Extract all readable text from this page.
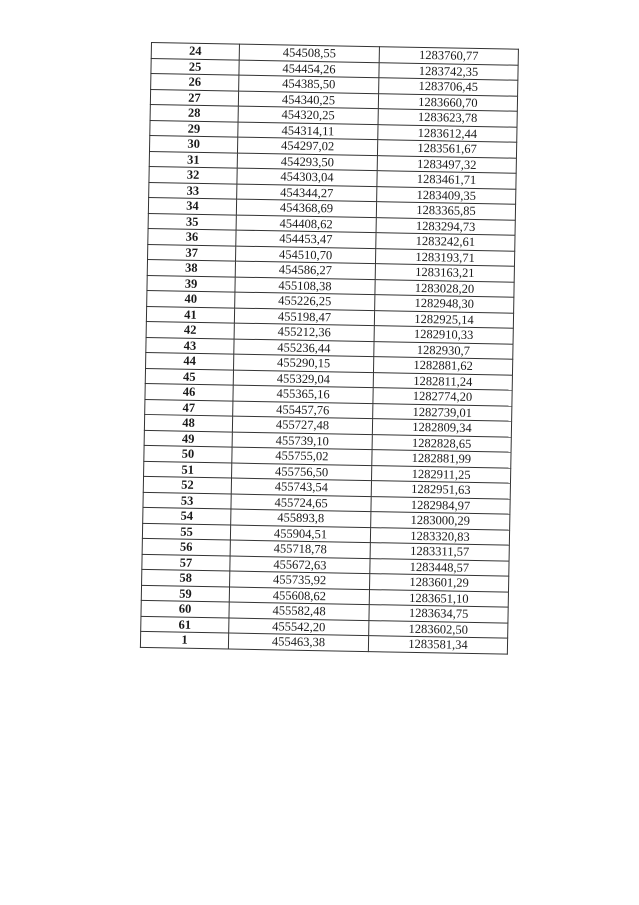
24	454508,55	1283760,77
25	454454,26	1283742,35
26	454385,50	1283706,45
27	454340,25	1283660,70
28	454320,25	1283623,78
29	454314,11	1283612,44
30	454297,02	1283561,67
31	454293,50	1283497,32
32	454303,04	1283461,71
33	454344,27	1283409,35
34	454368,69	1283365,85
35	454408,62	1283294,73
36	454453,47	1283242,61
37	454510,70	1283193,71
38	454586,27	1283163,21
39	455108,38	1283028,20
40	455226,25	1282948,30
41	455198,47	1282925,14
42	455212,36	1282910,33
43	455236,44	1282930,7
44	455290,15	1282881,62
45	455329,04	1282811,24
46	455365,16	1282774,20
47	455457,76	1282739,01
48	455727,48	1282809,34
49	455739,10	1282828,65
50	455755,02	1282881,99
51	455756,50	1282911,25
52	455743,54	1282951,63
53	455724,65	1282984,97
54	455893,8	1283000,29
55	455904,51	1283320,83
56	455718,78	1283311,57
57	455672,63	1283448,57
58	455735,92	1283601,29
59	455608,62	1283651,10
60	455582,48	1283634,75
61	455542,20	1283602,50
1	455463,38	1283581,34
